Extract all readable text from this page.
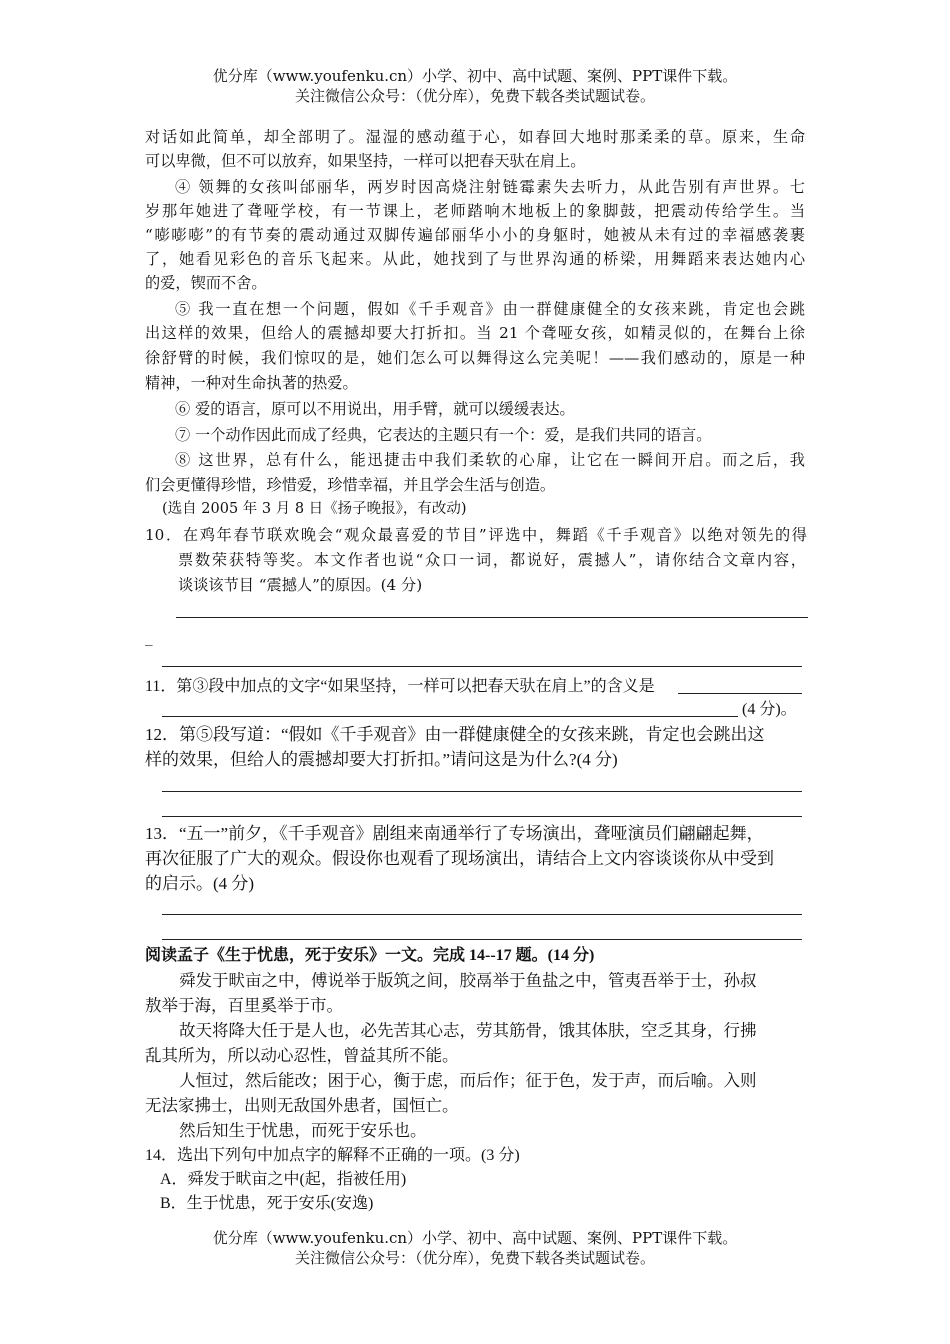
优分库（www.youfenku.cn）小学、初中、高中试题、案例、PPT课件下载。
关注微信公众号：（优分库），免费下载各类试题试卷。
对话如此简单，却全部明了。湿湿的感动蕴于心，如春回大地时那柔柔的草。原来，生命
可以卑微，但不可以放弃，如果坚持，一样可以把春天驮在肩上。
④ 领舞的女孩叫邰丽华，两岁时因高烧注射链霉素失去听力，从此告别有声世界。七
岁那年她进了聋哑学校，有一节课上，老师踏响木地板上的象脚鼓，把震动传给学生。当
“嘭嘭嘭”的有节奏的震动通过双脚传遍邰丽华小小的身躯时，她被从未有过的幸福感袭裹
了，她看见彩色的音乐飞起来。从此，她找到了与世界沟通的桥梁，用舞蹈来表达她内心
的爱，锲而不舍。
⑤ 我一直在想一个问题，假如《千手观音》由一群健康健全的女孩来跳，肯定也会跳
出这样的效果，但给人的震撼却要大打折扣。当 21 个聋哑女孩，如精灵似的，在舞台上徐
徐舒臂的时候，我们惊叹的是，她们怎么可以舞得这么完美呢！——我们感动的，原是一种
精神，一种对生命执著的热爱。
⑥ 爱的语言，原可以不用说出，用手臂，就可以缓缓表达。
⑦ 一个动作因此而成了经典，它表达的主题只有一个：爱，是我们共同的语言。
⑧ 这世界，总有什么，能迅捷击中我们柔软的心扉，让它在一瞬间开启。而之后，我
们会更懂得珍惜，珍惜爱，珍惜幸福，并且学会生活与创造。
(选自 2005 年 3 月 8 日《扬子晚报》，有改动)
10．在鸡年春节联欢晚会“观众最喜爱的节目”评选中，舞蹈《千手观音》以绝对领先的得
票数荣获特等奖。本文作者也说“众口一词，都说好，震撼人”，请你结合文章内容，
谈谈该节目 “震撼人”的原因。(4 分)
_
11．第③段中加点的文字“如果坚持，一样可以把春天驮在肩上”的含义是
(4 分)。
12．第⑤段写道：“假如《千手观音》由一群健康健全的女孩来跳，肯定也会跳出这
样的效果，但给人的震撼却要大打折扣。”请问这是为什么?(4 分)
13．“五一”前夕，《千手观音》剧组来南通举行了专场演出，聋哑演员们翩翩起舞，
再次征服了广大的观众。假设你也观看了现场演出，请结合上文内容谈谈你从中受到
的启示。(4 分)
阅读孟子《生于忧患，死于安乐》一文。完成 14--17 题。(14 分)
舜发于畎亩之中，傅说举于版筑之间，胶鬲举于鱼盐之中，管夷吾举于士，孙叔
敖举于海，百里奚举于市。
故天将降大任于是人也，必先苦其心志，劳其筋骨，饿其体肤，空乏其身，行拂
乱其所为，所以动心忍性，曾益其所不能。
人恒过，然后能改；困于心，衡于虑，而后作；征于色，发于声，而后喻。入则
无法家拂士，出则无敌国外患者，国恒亡。
然后知生于忧患，而死于安乐也。
14．选出下列句中加点字的解释不正确的一项。(3 分)
A．舜发于畎亩之中(起，指被任用)
B．生于忧患，死于安乐(安逸)
优分库（www.youfenku.cn）小学、初中、高中试题、案例、PPT课件下载。
关注微信公众号：（优分库），免费下载各类试题试卷。
